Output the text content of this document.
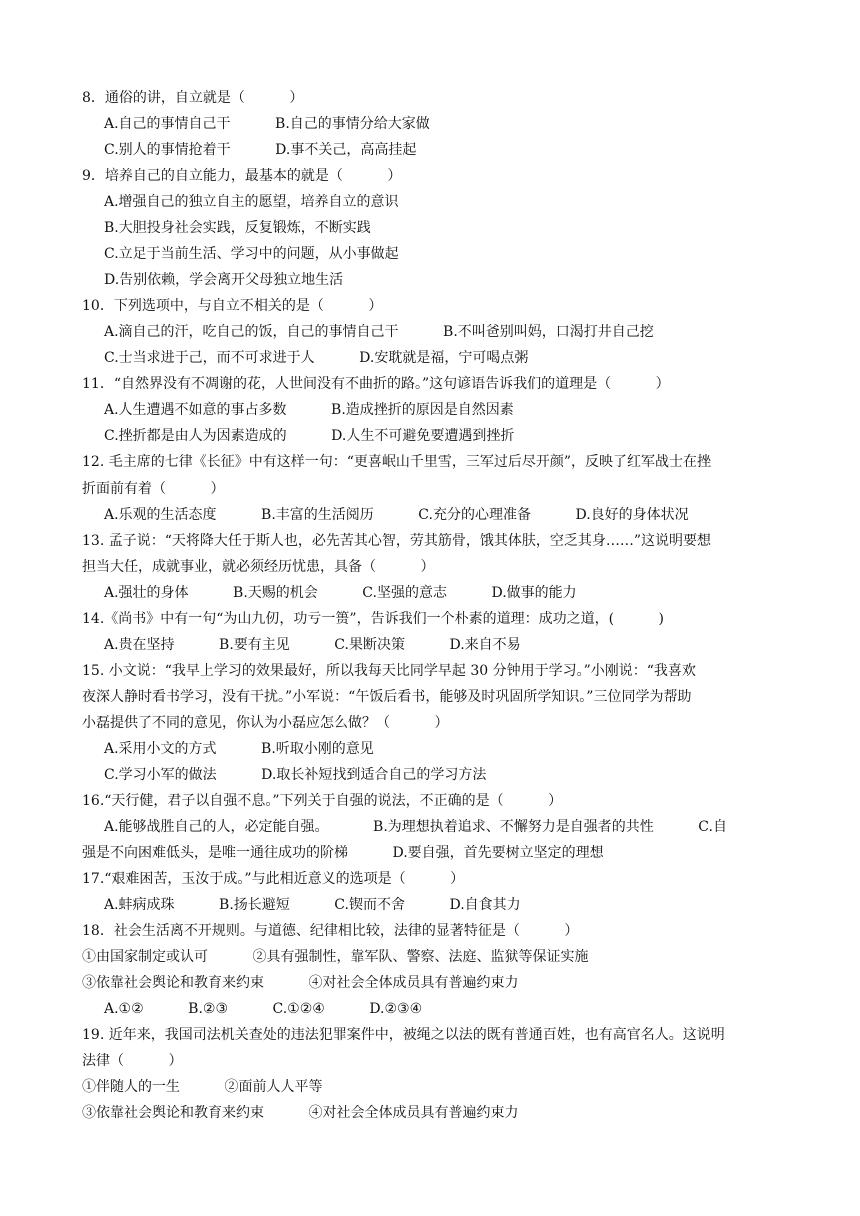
8．通俗的讲，自立就是（          ）
A.自己的事情自己干          B.自己的事情分给大家做
C.别人的事情抢着干          D.事不关己，高高挂起
9．培养自己的自立能力，最基本的就是（          ）
A.增强自己的独立自主的愿望，培养自立的意识
B.大胆投身社会实践，反复锻炼，不断实践
C.立足于当前生活、学习中的问题，从小事做起
D.告别依赖，学会离开父母独立地生活
10．下列选项中，与自立不相关的是（          ）
A.滴自己的汗，吃自己的饭，自己的事情自己干          B.不叫爸别叫妈，口渴打井自己挖
C.士当求进于己，而不可求进于人          D.安耽就是福，宁可喝点粥
11．“自然界没有不凋谢的花，人世间没有不曲折的路。”这句谚语告诉我们的道理是（          ）
A.人生遭遇不如意的事占多数          B.造成挫折的原因是自然因素
C.挫折都是由人为因素造成的          D.人生不可避免要遭遇到挫折
12. 毛主席的七律《长征》中有这样一句：“更喜岷山千里雪，三军过后尽开颜”，反映了红军战士在挫
折面前有着（          ）
A.乐观的生活态度          B.丰富的生活阅历          C.充分的心理准备          D.良好的身体状况
13. 孟子说：“天将降大任于斯人也，必先苦其心智，劳其筋骨，饿其体肤，空乏其身……”这说明要想
担当大任，成就事业，就必须经历忧患，具备（          ）
A.强壮的身体          B.天赐的机会          C.坚强的意志          D.做事的能力
14.《尚书》中有一句“为山九仞，功亏一篑”，告诉我们一个朴素的道理：成功之道，(          )
A.贵在坚持          B.要有主见          C.果断决策          D.来自不易
15. 小文说：“我早上学习的效果最好，所以我每天比同学早起 30 分钟用于学习。”小刚说：“我喜欢
夜深人静时看书学习，没有干扰。”小军说：“午饭后看书，能够及时巩固所学知识。”三位同学为帮助
小磊提供了不同的意见，你认为小磊应怎么做？（          ）
A.采用小文的方式          B.听取小刚的意见
C.学习小军的做法          D.取长补短找到适合自己的学习方法
16.“天行健，君子以自强不息。”下列关于自强的说法，不正确的是（          ）
A.能够战胜自己的人，必定能自强。          B.为理想执着追求、不懈努力是自强者的共性          C.自
强是不向困难低头，是唯一通往成功的阶梯          D.要自强，首先要树立坚定的理想
17.“艰难困苦，玉汝于成。”与此相近意义的选项是（          ）
A.蚌病成珠          B.扬长避短          C.锲而不舍          D.自食其力
18．社会生活离不开规则。与道德、纪律相比较，法律的显著特征是（          ）
①由国家制定或认可          ②具有强制性，靠军队、警察、法庭、监狱等保证实施
③依靠社会舆论和教育来约束          ④对社会全体成员具有普遍约束力
A.①②          B.②③          C.①②④          D.②③④
19. 近年来，我国司法机关查处的违法犯罪案件中，被绳之以法的既有普通百姓，也有高官名人。这说明
法律（          ）
①伴随人的一生          ②面前人人平等
③依靠社会舆论和教育来约束          ④对社会全体成员具有普遍约束力
